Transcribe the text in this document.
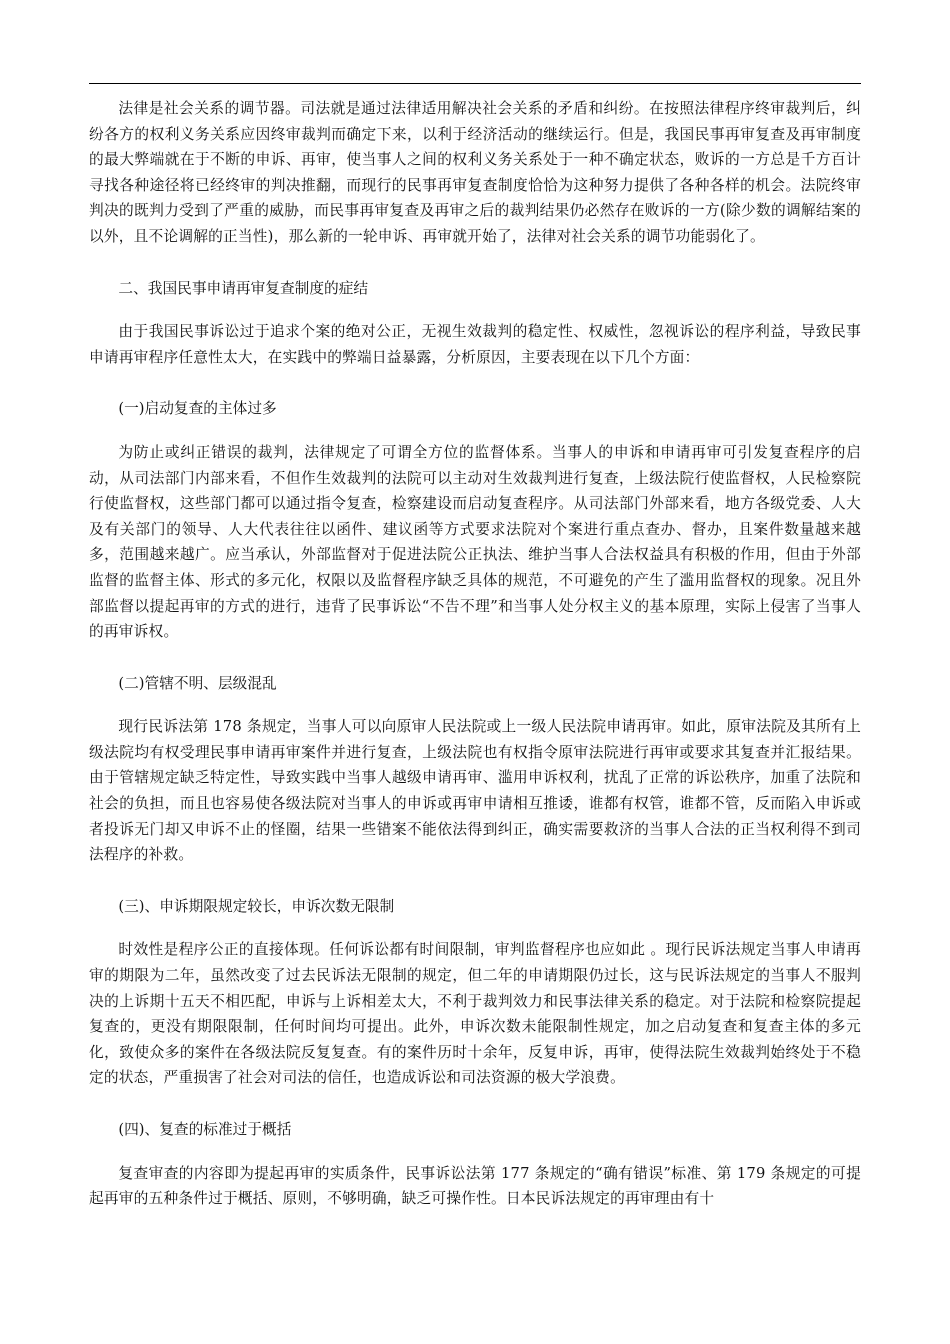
法律是社会关系的调节器。司法就是通过法律适用解决社会关系的矛盾和纠纷。在按照法律程序终审裁判后，纠纷各方的权利义务关系应因终审裁判而确定下来，以利于经济活动的继续运行。但是，我国民事再审复查及再审制度的最大弊端就在于不断的申诉、再审，使当事人之间的权利义务关系处于一种不确定状态，败诉的一方总是千方百计寻找各种途径将已经终审的判决推翻，而现行的民事再审复查制度恰恰为这种努力提供了各种各样的机会。法院终审判决的既判力受到了严重的威胁，而民事再审复查及再审之后的裁判结果仍必然存在败诉的一方(除少数的调解结案的以外，且不论调解的正当性)，那么新的一轮申诉、再审就开始了，法律对社会关系的调节功能弱化了。

二、我国民事申请再审复查制度的症结

由于我国民事诉讼过于追求个案的绝对公正，无视生效裁判的稳定性、权威性，忽视诉讼的程序利益，导致民事申请再审程序任意性太大，在实践中的弊端日益暴露，分析原因，主要表现在以下几个方面：

(一)启动复查的主体过多

为防止或纠正错误的裁判，法律规定了可谓全方位的监督体系。当事人的申诉和申请再审可引发复查程序的启动，从司法部门内部来看，不但作生效裁判的法院可以主动对生效裁判进行复查，上级法院行使监督权，人民检察院行使监督权，这些部门都可以通过指令复查，检察建设而启动复查程序。从司法部门外部来看，地方各级党委、人大及有关部门的领导、人大代表往往以函件、建议函等方式要求法院对个案进行重点查办、督办，且案件数量越来越多，范围越来越广。应当承认，外部监督对于促进法院公正执法、维护当事人合法权益具有积极的作用，但由于外部监督的监督主体、形式的多元化，权限以及监督程序缺乏具体的规范，不可避免的产生了滥用监督权的现象。况且外部监督以提起再审的方式的进行，违背了民事诉讼“不告不理”和当事人处分权主义的基本原理，实际上侵害了当事人的再审诉权。

(二)管辖不明、层级混乱

现行民诉法第 178 条规定，当事人可以向原审人民法院或上一级人民法院申请再审。如此，原审法院及其所有上级法院均有权受理民事申请再审案件并进行复查，上级法院也有权指令原审法院进行再审或要求其复查并汇报结果。由于管辖规定缺乏特定性，导致实践中当事人越级申请再审、滥用申诉权利，扰乱了正常的诉讼秩序，加重了法院和社会的负担，而且也容易使各级法院对当事人的申诉或再审申请相互推诿，谁都有权管，谁都不管，反而陷入申诉或者投诉无门却又申诉不止的怪圈，结果一些错案不能依法得到纠正，确实需要救济的当事人合法的正当权利得不到司法程序的补救。

(三)、申诉期限规定较长，申诉次数无限制

时效性是程序公正的直接体现。任何诉讼都有时间限制，审判监督程序也应如此 。现行民诉法规定当事人申请再审的期限为二年，虽然改变了过去民诉法无限制的规定，但二年的申请期限仍过长，这与民诉法规定的当事人不服判决的上诉期十五天不相匹配，申诉与上诉相差太大，不利于裁判效力和民事法律关系的稳定。对于法院和检察院提起复查的，更没有期限限制，任何时间均可提出。此外，申诉次数未能限制性规定，加之启动复查和复查主体的多元化，致使众多的案件在各级法院反复复查。有的案件历时十余年，反复申诉，再审，使得法院生效裁判始终处于不稳定的状态，严重损害了社会对司法的信任，也造成诉讼和司法资源的极大学浪费。

(四)、复查的标准过于概括

复查审查的内容即为提起再审的实质条件，民事诉讼法第 177 条规定的“确有错误”标准、第 179 条规定的可提起再审的五种条件过于概括、原则，不够明确，缺乏可操作性。日本民诉法规定的再审理由有十
